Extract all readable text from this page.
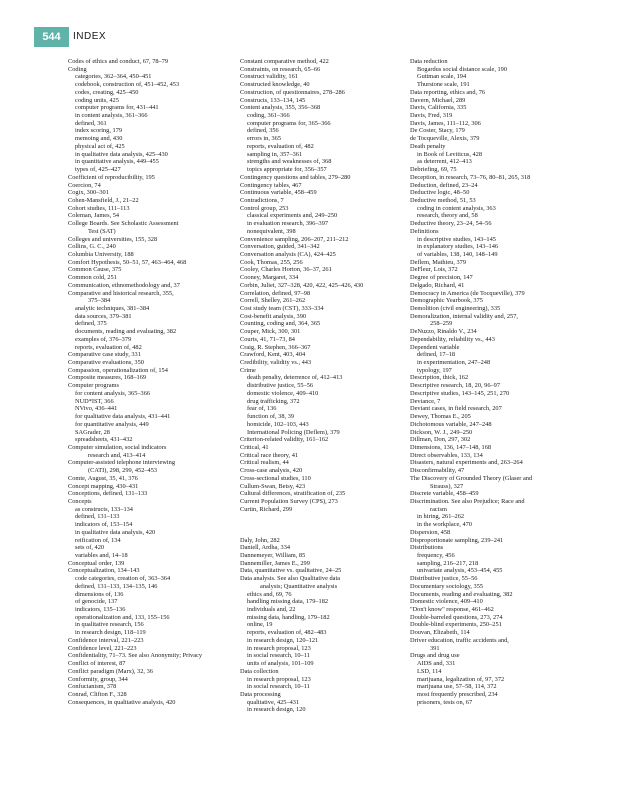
544	INDEX
Codes of ethics and conduct, 67, 78–79
Coding
categories, 362–364, 450–451
codebook, construction of, 451–452, 453
codes, creating, 425–450
coding units, 425
computer programs for, 431–441
in content analysis, 361–366
defined, 361
index scoring, 179
memoing and, 430
physical act of, 425
in qualitative data analysis, 425–430
in quantitative analysis, 449–455
types of, 425–427
Coefficient of reproducibility, 195
Coercion, 74
Cogix, 300–301
Cohen-Mansfield, J., 21–22
Cohort studies, 111–113
Coleman, James, 54
College Boards. See Scholastic Assessment
Test (SAT)
Colleges and universities, 155, 328
Collins, G. C., 240
Columbia University, 188
Comfort Hypothesis, 50–51, 57, 463–464, 468
Common Cause, 375
Common cold, 251
Communication, ethnomethodology and, 37
Comparative and historical research, 355,
375–384
analytic techniques, 381–384
data sources, 379–381
defined, 375
documents, reading and evaluating, 382
examples of, 376–379
reports, evaluation of, 482
Comparative case study, 331
Comparative evaluations, 350
Compassion, operationalization of, 154
Composite measures, 168–169
Computer programs
for content analysis, 365–366
NUD*IST, 366
NVivo, 436–441
for qualitative data analysis, 431–441
for quantitative analysis, 449
SAGrader, 28
spreadsheets, 431–432
Computer simulation, social indicators
research and, 413–414
Computer-assisted telephone interviewing
(CATI), 298, 299, 452–453
Comte, August, 35, 41, 376
Concept mapping, 430–431
Conceptions, defined, 131–133
Concepts
as constructs, 133–134
defined, 131–133
indicators of, 153–154
in qualitative data analysis, 420
reification of, 134
sets of, 420
variables and, 14–18
Conceptual order, 139
Conceptualization, 134–143
code categories, creation of, 363–364
defined, 131–133, 134–135, 146
dimensions of, 136
of genocide, 137
indicators, 135–136
operationalization and, 133, 155–156
in qualitative research, 156
in research design, 118–119
Confidence interval, 221–223
Confidence level, 221–223
Confidentiality, 71–73. See also Anonymity; Privacy
Conflict of interest, 87
Conflict paradigm (Marx), 32, 36
Conformity, group, 344
Confucianism, 378
Conrad, Clifton F., 328
Consequences, in qualitative analysis, 420
Constant comparative method, 422
Constraints, on research, 65–66
Construct validity, 161
Constructed knowledge, 40
Construction, of questionnaires, 278–286
Constructs, 133–134, 145
Content analysis, 355, 356–368
coding, 361–366
computer programs for, 365–366
defined, 356
errors in, 365
reports, evaluation of, 482
sampling in, 357–361
strengths and weaknesses of, 368
topics appropriate for, 356–357
Contingency questions and tables, 279–280
Contingency tables, 467
Continuous variable, 458–459
Contradictions, 7
Control group, 253
classical experiments and, 249–250
in evaluation research, 396–397
nonequivalent, 398
Convenience sampling, 206–207, 211–212
Conversation, guided, 341–342
Conversation analysis (CA), 424–425
Cook, Thomas, 255, 256
Cooley, Charles Horton, 36–37, 261
Cooney, Margaret, 334
Corbin, Juliet, 327–328, 420, 422, 425–426, 430
Correlation, defined, 97–98
Correll, Shelley, 261–262
Cost study team (CST), 333–334
Cost-benefit analysis, 390
Counting, coding and, 364, 365
Couper, Mick, 300, 301
Courts, 41, 71–73, 84
Craig, R. Stephen, 366–367
Crawford, Kent, 403, 404
Credibility, validity vs., 443
Crime
death penalty, deterrence of, 412–413
distributive justice, 55–56
domestic violence, 409–410
drug trafficking, 372
fear of, 136
function of, 38, 39
homicide, 102–103, 443
International Policing (Deflem), 379
Criterion-related validity, 161–162
Critical, 41
Critical race theory, 41
Critical realism, 44
Cross-case analysis, 420
Cross-sectional studies, 110
Cullum-Swan, Betsy, 423
Cultural differences, stratification of, 235
Current Population Survey (CPS), 273
Curtin, Richard, 299
Daly, John, 282
Daniell, Ardha, 334
Dannemeyer, William, 85
Dannemiller, James E., 299
Data, quantitative vs. qualitative, 24–25
Data analysis. See also Qualitative data
analysis; Quantitative analysis
ethics and, 69, 76
handling missing data, 179–182
individuals and, 22
missing data, handling, 179–182
online, 19
reports, evaluation of, 482–483
in research design, 120–121
in research proposal, 123
in social research, 10–11
units of analysis, 101–109
Data collection
in research proposal, 123
in social research, 10–11
Data processing
qualitative, 425–431
in research design, 120
Data reduction
Bogardus social distance scale, 190
Guttman scale, 194
Thurstone scale, 191
Data reporting, ethics and, 76
Davern, Michael, 289
Davis, California, 335
Davis, Fred, 319
Davis, James, 111–112, 306
De Coster, Stacy, 179
de Tocqueville, Alexis, 379
Death penalty
in Book of Leviticus, 428
as deterrent, 412–413
Debriefing, 69, 75
Deception, in research, 73–76, 80–81, 265, 318
Deduction, defined, 23–24
Deductive logic, 48–50
Deductive method, 51, 53
coding in content analysis, 363
research, theory and, 58
Deductive theory, 23–24, 54–56
Definitions
in descriptive studies, 143–145
in explanatory studies, 143–146
of variables, 138, 140, 148–149
Deflem, Mathieu, 379
DeFleur, Lois, 372
Degree of precision, 147
Delgado, Richard, 41
Democracy in America (de Tocqueville), 379
Demographic Yearbook, 375
Demolition (civil engineering), 335
Demoralization, internal validity and, 257,
258–259
DeNuzzo, Rinaldo V., 234
Dependability, reliability vs., 443
Dependent variable
defined, 17–18
in experimentation, 247–248
typology, 197
Description, thick, 162
Descriptive research, 18, 20, 96–97
Descriptive studies, 143–145, 251, 270
Deviance, 7
Deviant cases, in field research, 207
Dewey, Thomas E., 205
Dichotomous variable, 247–248
Dickson, W. J., 249–250
Dillman, Don, 297, 302
Dimensions, 136, 147–148, 168
Direct observables, 133, 134
Disasters, natural experiments and, 263–264
Disconfirmability, 47
The Discovery of Grounded Theory (Glaser and
Strauss), 327
Discrete variable, 458–459
Discrimination. See also Prejudice; Race and
racism
in hiring, 261–262
in the workplace, 470
Dispersion, 458
Disproportionate sampling, 239–241
Distributions
frequency, 456
sampling, 216–217, 218
univariate analysis, 453–454, 455
Distributive justice, 55–56
Documentary sociology, 355
Documents, reading and evaluating, 382
Domestic violence, 409–410
"Don't know" response, 461–462
Double-barreled questions, 273, 274
Double-blind experiments, 250–251
Douvan, Elizabeth, 114
Driver education, traffic accidents and,
391
Drugs and drug use
AIDS and, 331
LSD, 114
marijuana, legalization of, 97, 372
marijuana use, 57–58, 114, 372
most frequently prescribed, 234
prisoners, tests on, 67
